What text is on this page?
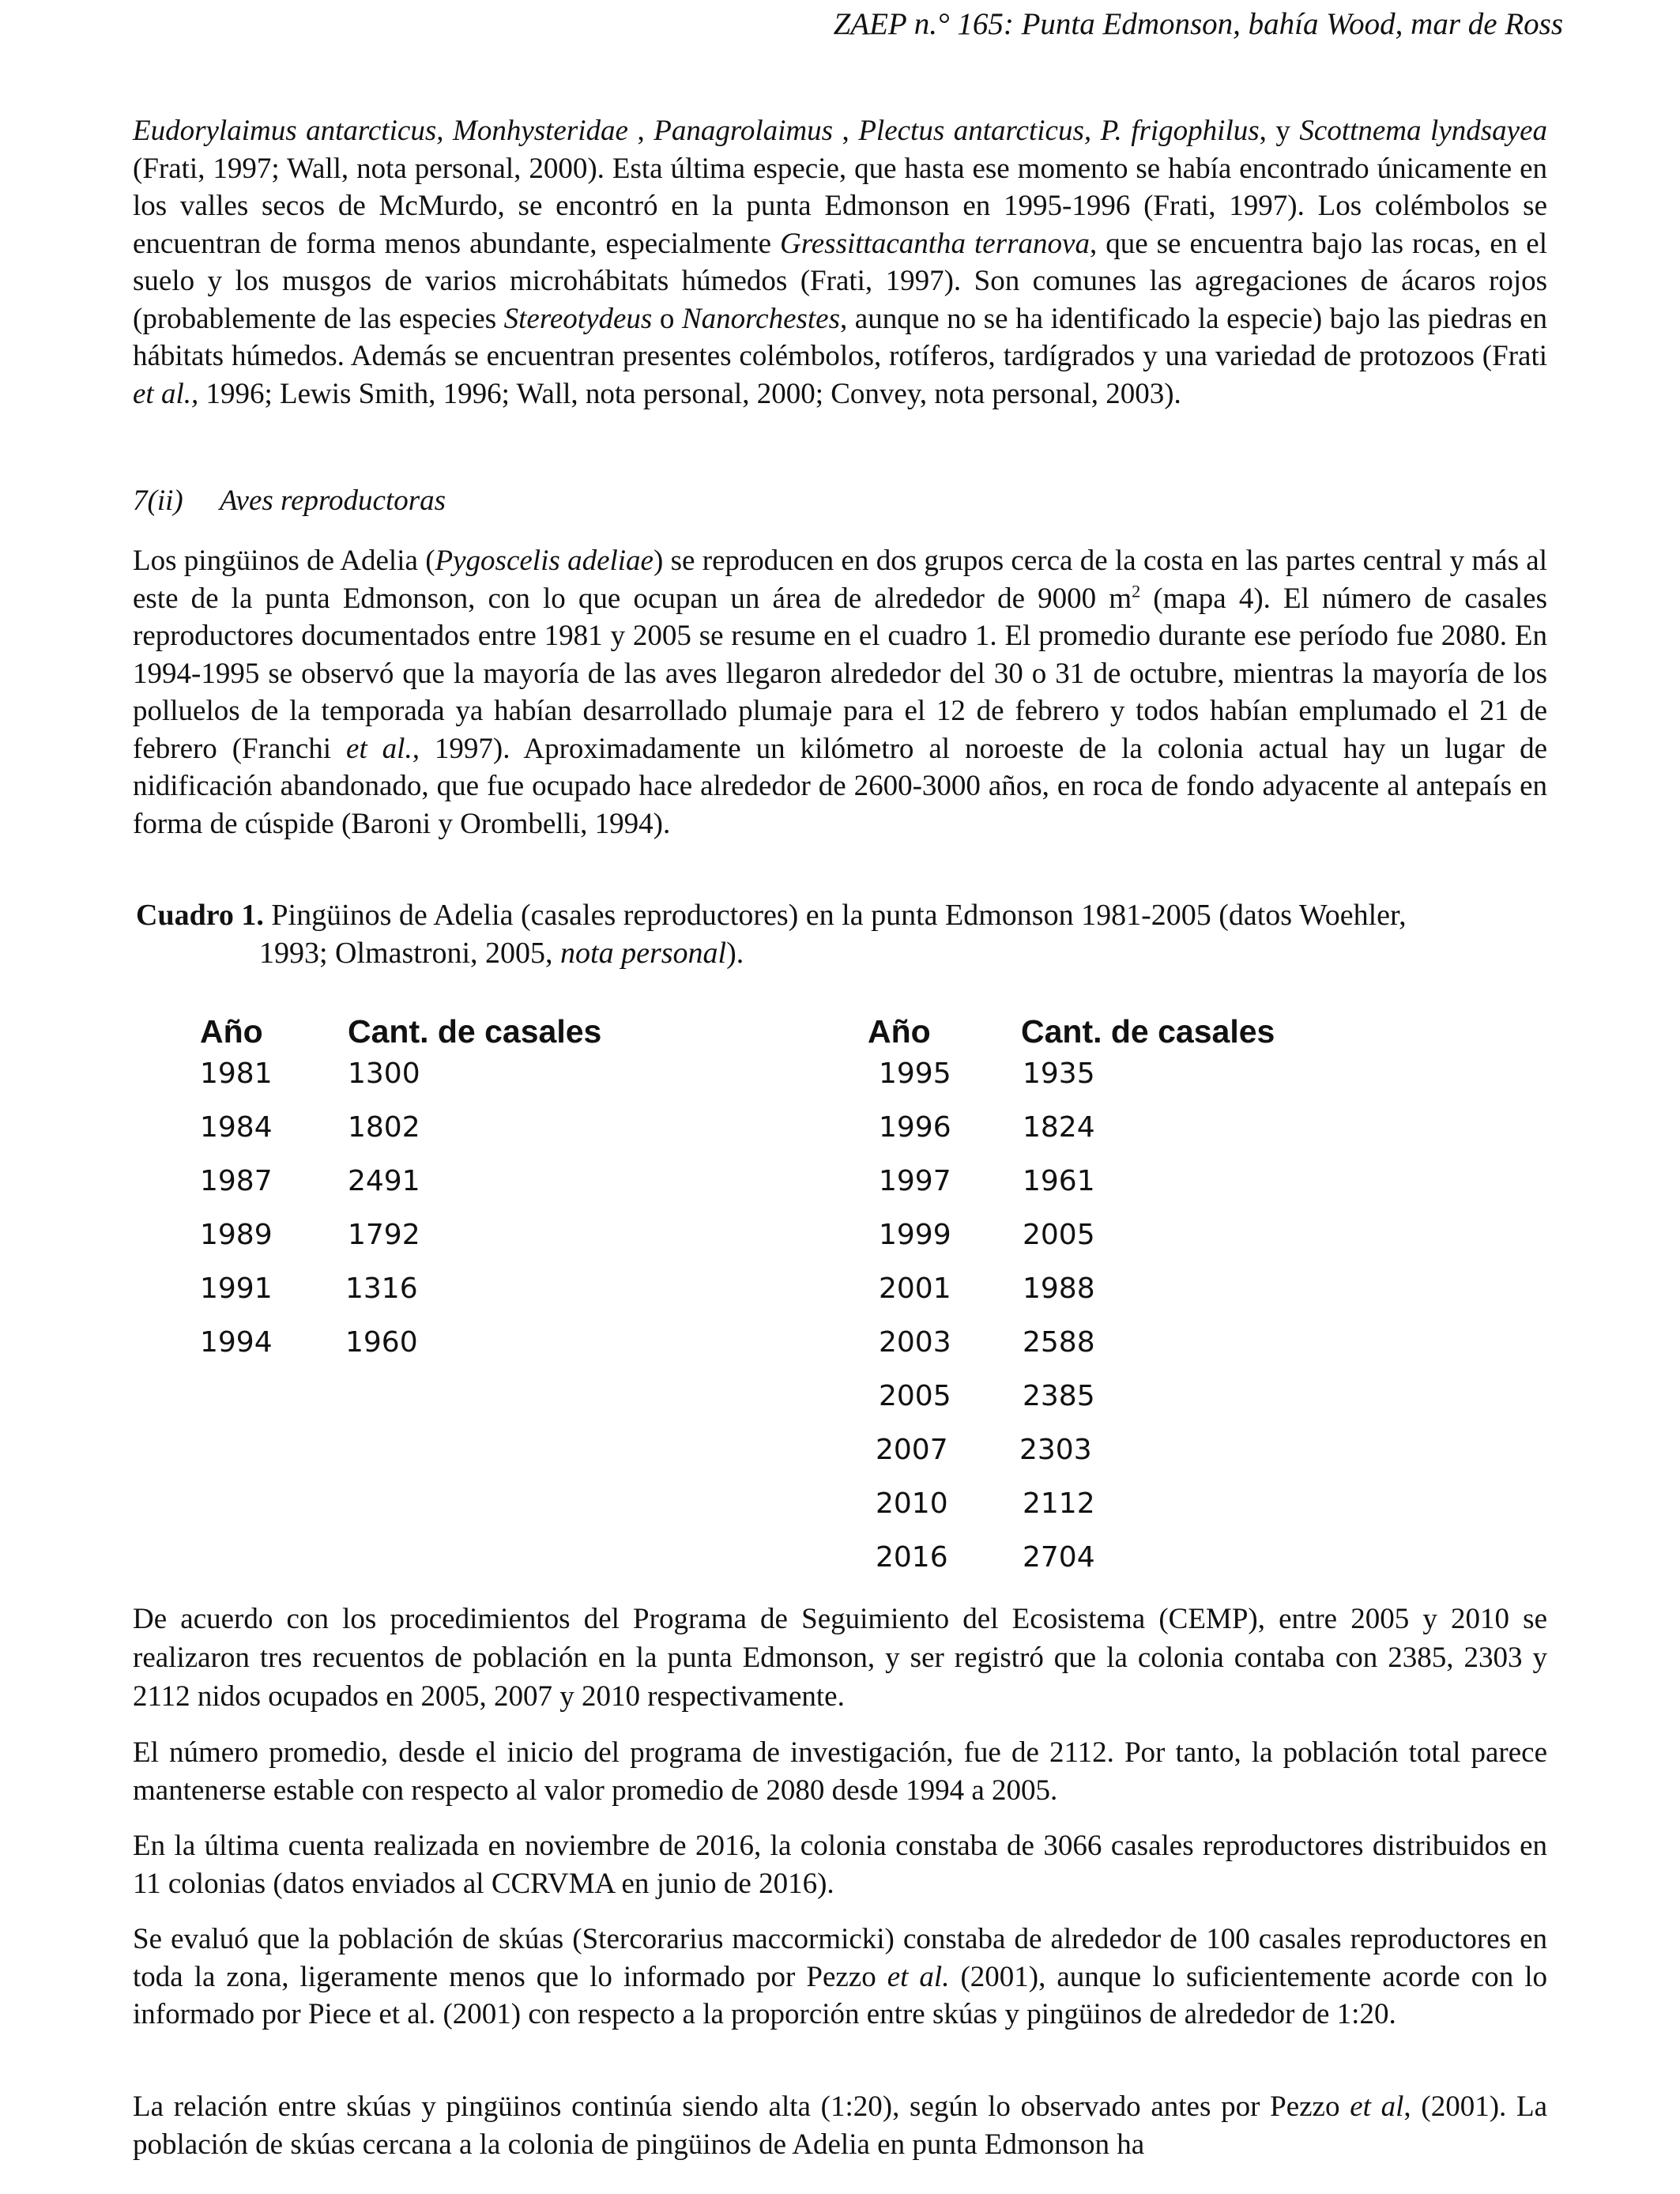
ZAEP n.° 165: Punta Edmonson, bahía Wood, mar de Ross

Eudorylaimus antarcticus, Monhysteridae , Panagrolaimus , Plectus antarcticus, P. frigophilus, y Scottnema lyndsayea (Frati, 1997; Wall, nota personal, 2000). Esta última especie, que hasta ese momento se había encontrado únicamente en los valles secos de McMurdo, se encontró en la punta Edmonson en 1995-1996 (Frati, 1997). Los colémbolos se encuentran de forma menos abundante, especialmente Gressittacantha terranova, que se encuentra bajo las rocas, en el suelo y los musgos de varios microhábitats húmedos (Frati, 1997). Son comunes las agregaciones de ácaros rojos (probablemente de las especies Stereotydeus o Nanorchestes, aunque no se ha identificado la especie) bajo las piedras en hábitats húmedos. Además se encuentran presentes colémbolos, rotíferos, tardígrados y una variedad de protozoos (Frati et al., 1996; Lewis Smith, 1996; Wall, nota personal, 2000; Convey, nota personal, 2003).

7(ii) Aves reproductoras

Los pingüinos de Adelia (Pygoscelis adeliae) se reproducen en dos grupos cerca de la costa en las partes central y más al este de la punta Edmonson, con lo que ocupan un área de alrededor de 9000 $m^2$ (mapa 4). El número de casales reproductores documentados entre 1981 y 2005 se resume en el cuadro 1. El promedio durante ese período fue 2080. En 1994-1995 se observó que la mayoría de las aves llegaron alrededor del 30 o 31 de octubre, mientras la mayoría de los polluelos de la temporada ya habían desarrollado plumaje para el 12 de febrero y todos habían emplumado el 21 de febrero (Franchi et al., 1997). Aproximadamente un kilómetro al noroeste de la colonia actual hay un lugar de nidificación abandonado, que fue ocupado hace alrededor de 2600-3000 años, en roca de fondo adyacente al antepaís en forma de cúspide (Baroni y Orombelli, 1994).

Cuadro 1. Pingüinos de Adelia (casales reproductores) en la punta Edmonson 1981-2005 (datos Woehler,
1993; Olmastroni, 2005, nota personal).
Año	Cant. de casales	Año	Cant. de casales
1981	1300
1984	1802
1987	2491
1989	1792
1991	1316
1994	1960
1995	1935
1996	1824
1997	1961
1999	2005
2001	1988
2003	2588
2005	2385
2007	2303
2010	2112
2016	2704

De acuerdo con los procedimientos del Programa de Seguimiento del Ecosistema (CEMP), entre 2005 y 2010 se realizaron tres recuentos de población en la punta Edmonson, y ser registró que la colonia contaba con 2385, 2303 y 2112 nidos ocupados en 2005, 2007 y 2010 respectivamente.

El número promedio, desde el inicio del programa de investigación, fue de 2112. Por tanto, la población total parece mantenerse estable con respecto al valor promedio de 2080 desde 1994 a 2005.

En la última cuenta realizada en noviembre de 2016, la colonia constaba de 3066 casales reproductores distribuidos en 11 colonias (datos enviados al CCRVMA en junio de 2016).

Se evaluó que la población de skúas (Stercorarius maccormicki) constaba de alrededor de 100 casales reproductores en toda la zona, ligeramente menos que lo informado por Pezzo et al. (2001), aunque lo suficientemente acorde con lo informado por Piece et al. (2001) con respecto a la proporción entre skúas y pingüinos de alrededor de 1:20.

La relación entre skúas y pingüinos continúa siendo alta (1:20), según lo observado antes por Pezzo et al, (2001). La población de skúas cercana a la colonia de pingüinos de Adelia en punta Edmonson ha
